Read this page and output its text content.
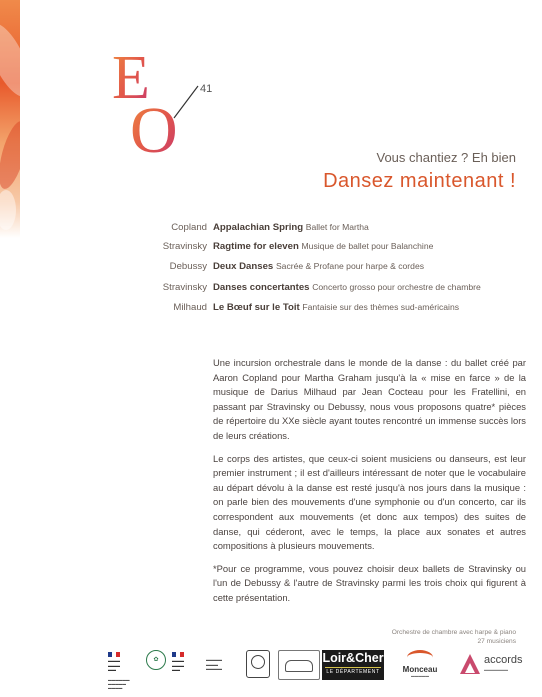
E
O
41
Vous chantiez ? Eh bien
Dansez maintenant !
Copland Appalachian Spring Ballet for Martha
Stravinsky Ragtime for eleven Musique de ballet pour Balanchine
Debussy Deux Danses Sacrée & Profane pour harpe & cordes
Stravinsky Danses concertantes Concerto grosso pour orchestre de chambre
Milhaud Le Bœuf sur le Toit Fantaisie sur des thèmes sud-américains

Une incursion orchestrale dans le monde de la danse : du ballet créé par Aaron Copland pour Martha Graham jusqu'à la « mise en farce » de la musique de Darius Milhaud par Jean Cocteau pour les Fratellini, en passant par Stravinsky ou Debussy, nous vous proposons quatre* pièces de répertoire du XXe siècle ayant toutes rencontré un immense succès lors de leurs créations.

Le corps des artistes, que ceux-ci soient musiciens ou danseurs, est leur premier instrument ; il est d'ailleurs intéressant de noter que le vocabulaire au départ dévolu à la danse est resté jusqu'à nos jours dans la musique : on parle bien des mouvements d'une symphonie ou d'un concerto, car ils correspondent aux mouvements (et donc aux tempos) des suites de danse, qui céderont, avec le temps, la place aux sonates et autres compositions à plusieurs mouvements.

*Pour ce programme, vous pouvez choisir deux ballets de Stravinsky ou l'un de Debussy & l'autre de Stravinsky parmi les trois choix qui figurent à cette présentation.

Orchestre de chambre avec harpe & piano
27 musiciens
▬▬▬
▬▬▬
▬▬
▬▬▬▬▬▬
▬▬▬▬▬
▬▬▬▬
✿	▬▬▬
▬▬▬
▬▬
▬▬▬▬
▬▬▬
▬▬▬▬
Loir&Cher
LE DÉPARTEMENT	Monceau
▬▬▬▬▬
accords
▬▬▬▬▬▬
